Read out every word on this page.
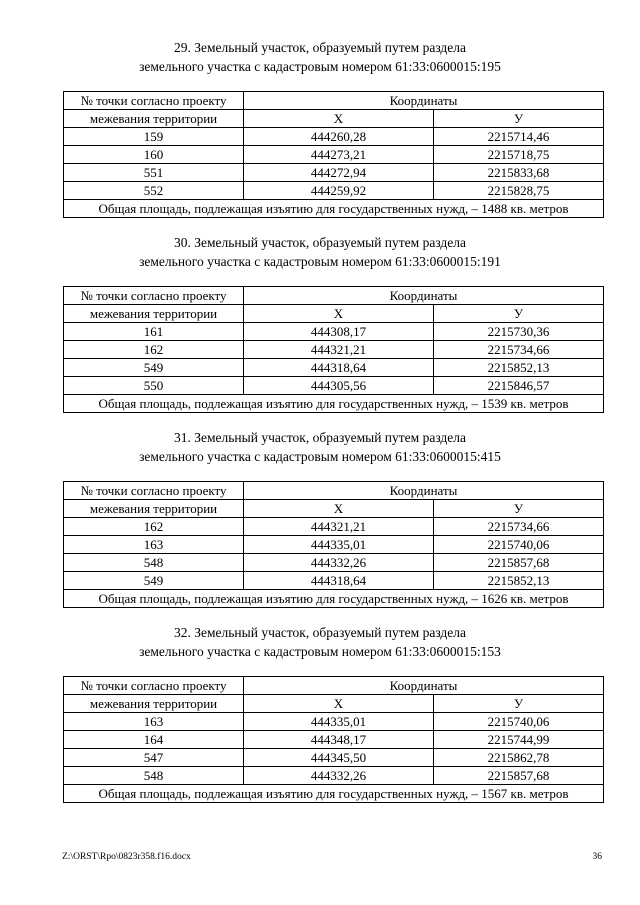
29. Земельный участок, образуемый путем раздела
земельного участка с кадастровым номером 61:33:0600015:195
№ точки согласно проекту	Координаты	
межевания территории	Х	У
159	444260,28	2215714,46
160	444273,21	2215718,75
551	444272,94	2215833,68
552	444259,92	2215828,75
Общая площадь, подлежащая изъятию для государственных нужд, – 1488 кв. метров		
30. Земельный участок, образуемый путем раздела
земельного участка с кадастровым номером 61:33:0600015:191
№ точки согласно проекту	Координаты	
межевания территории	Х	У
161	444308,17	2215730,36
162	444321,21	2215734,66
549	444318,64	2215852,13
550	444305,56	2215846,57
Общая площадь, подлежащая изъятию для государственных нужд, – 1539 кв. метров		
31. Земельный участок, образуемый путем раздела
земельного участка с кадастровым номером 61:33:0600015:415
№ точки согласно проекту	Координаты	
межевания территории	Х	У
162	444321,21	2215734,66
163	444335,01	2215740,06
548	444332,26	2215857,68
549	444318,64	2215852,13
Общая площадь, подлежащая изъятию для государственных нужд, – 1626 кв. метров		
32. Земельный участок, образуемый путем раздела
земельного участка с кадастровым номером 61:33:0600015:153
№ точки согласно проекту	Координаты	
межевания территории	Х	У
163	444335,01	2215740,06
164	444348,17	2215744,99
547	444345,50	2215862,78
548	444332,26	2215857,68
Общая площадь, подлежащая изъятию для государственных нужд, – 1567 кв. метров		
Z:\ORST\Rpo\0823r358.f16.docx	36
